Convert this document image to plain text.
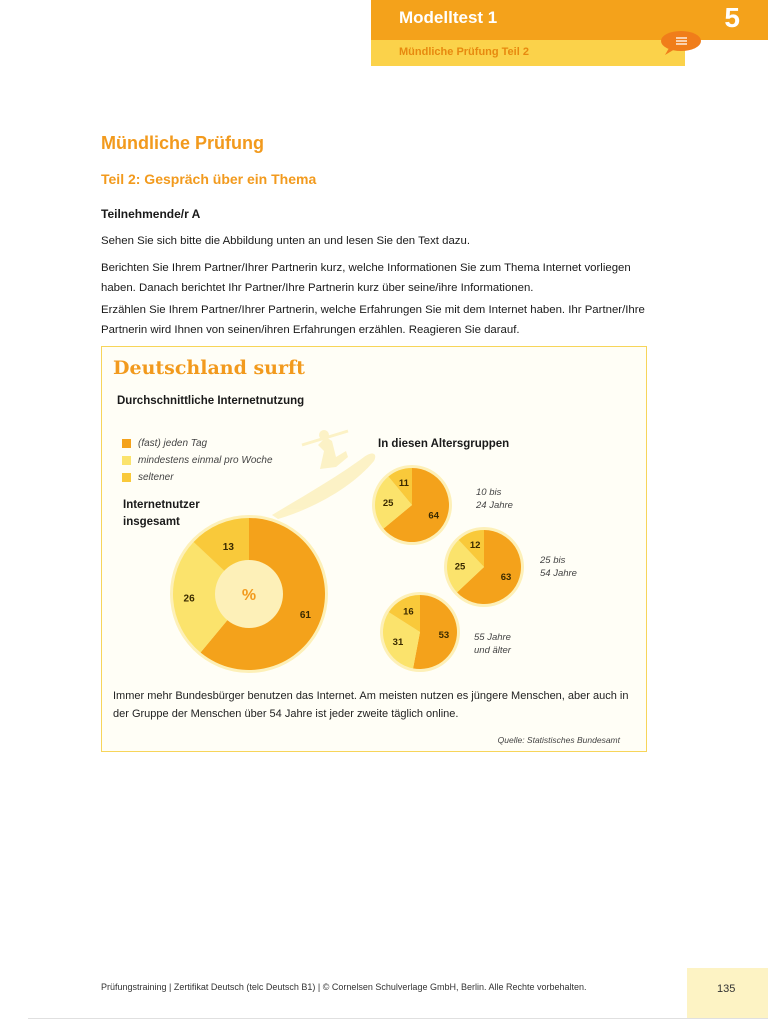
Modelltest 1
Mündliche Prüfung Teil 2
5
Mündliche Prüfung
Teil 2: Gespräch über ein Thema

Teilnehmende/r A

Sehen Sie sich bitte die Abbildung unten an und lesen Sie den Text dazu.

Berichten Sie Ihrem Partner/Ihrer Partnerin kurz, welche Informationen Sie zum Thema Internet vorliegen haben. Danach berichtet Ihr Partner/Ihre Partnerin kurz über seine/ihre Informationen.

Erzählen Sie Ihrem Partner/Ihrer Partnerin, welche Erfahrungen Sie mit dem Internet haben. Ihr Partner/Ihre Partnerin wird Ihnen von seinen/ihren Erfahrungen erzählen. Reagieren Sie darauf.

Deutschland surft
Durchschnittliche Internetnutzung
61
26
13
%
64
25
11
10 bis
24 Jahre
63
25
12
25 bis
54 Jahre
53
31
16
55 Jahre
und älter
(fast) jeden Tag
mindestens einmal pro Woche
seltener
Internetnutzer insgesamt
In diesen Altersgruppen
Immer mehr Bundesbürger benutzen das Internet. Am meisten nutzen es jüngere Menschen, aber auch in der Gruppe der Menschen über 54 Jahre ist jeder zweite täglich online.
Quelle: Statistisches Bundesamt
Prüfungstraining | Zertifikat Deutsch (telc Deutsch B1) | © Cornelsen Schulverlage GmbH, Berlin. Alle Rechte vorbehalten.	135
